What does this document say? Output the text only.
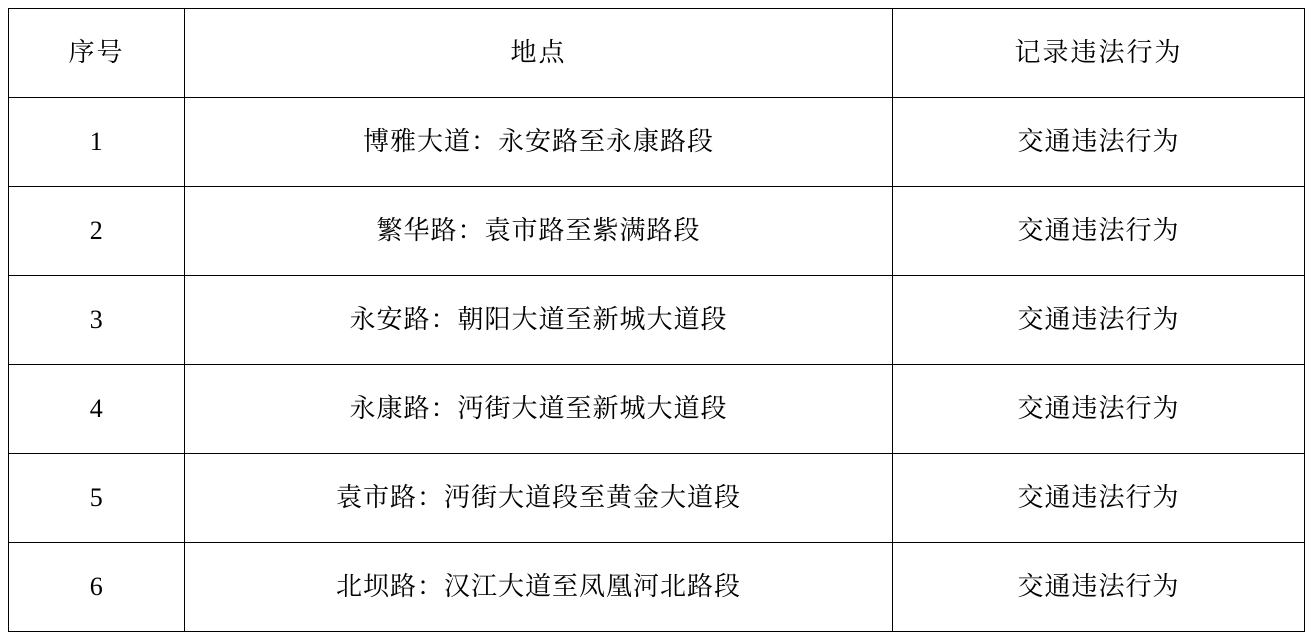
序号	地点	记录违法行为
1	博雅大道：永安路至永康路段	交通违法行为
2	繁华路：袁市路至紫满路段	交通违法行为
3	永安路：朝阳大道至新城大道段	交通违法行为
4	永康路：沔街大道至新城大道段	交通违法行为
5	袁市路：沔街大道段至黄金大道段	交通违法行为
6	北坝路：汉江大道至凤凰河北路段	交通违法行为
